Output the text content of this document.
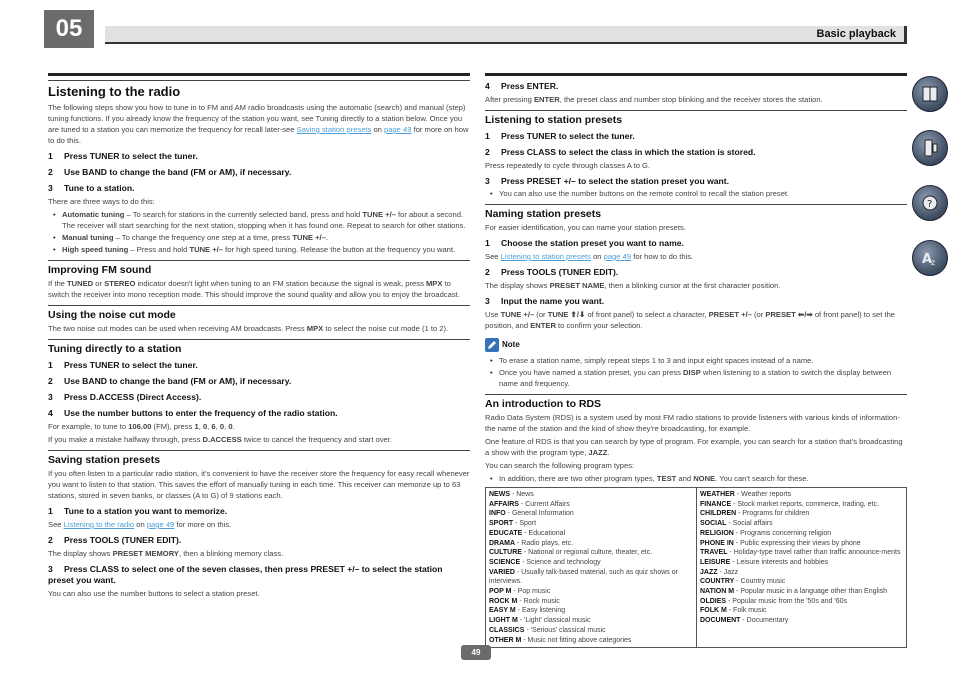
05	Basic playback
Listening to the radio
The following steps show you how to tune in to FM and AM radio broadcasts using the automatic (search) and manual (step) tuning functions. If you already know the frequency of the station you want, see Tuning directly to a station below. Once you are tuned to a station you can memorize the frequency for recall later-see Saving station presets on page 49 for more on how to do this.
1 Press TUNER to select the tuner.
2 Use BAND to change the band (FM or AM), if necessary.
3 Tune to a station.
There are three ways to do this:
• Automatic tuning – To search for stations in the currently selected band, press and hold TUNE +/– for about a second. The receiver will start searching for the next station, stopping when it has found one. Repeat to search for other stations.
• Manual tuning – To change the frequency one step at a time, press TUNE +/–.
• High speed tuning – Press and hold TUNE +/– for high speed tuning. Release the button at the frequency you want.
Improving FM sound
If the TUNED or STEREO indicator doesn't light when tuning to an FM station because the signal is weak, press MPX to switch the receiver into mono reception mode. This should improve the sound quality and allow you to enjoy the broadcast.
Using the noise cut mode
The two noise cut modes can be used when receiving AM broadcasts. Press MPX to select the noise cut mode (1 to 2).
Tuning directly to a station
1 Press TUNER to select the tuner.
2 Use BAND to change the band (FM or AM), if necessary.
3 Press D.ACCESS (Direct Access).
4 Use the number buttons to enter the frequency of the radio station.
For example, to tune to 106.00 (FM), press 1, 0, 6, 0, 0.
If you make a mistake halfway through, press D.ACCESS twice to cancel the frequency and start over.
Saving station presets
If you often listen to a particular radio station, it's convenient to have the receiver store the frequency for easy recall whenever you want to listen to that station. This saves the effort of manually tuning in each time. This receiver can memorize up to 63 stations, stored in seven banks, or classes (A to G) of 9 stations each.
1 Tune to a station you want to memorize.
See Listening to the radio on page 49 for more on this.
2 Press TOOLS (TUNER EDIT).
The display shows PRESET MEMORY, then a blinking memory class.
3 Press CLASS to select one of the seven classes, then press PRESET +/– to select the station preset you want.
You can also use the number buttons to select a station preset.
4 Press ENTER.
After pressing ENTER, the preset class and number stop blinking and the receiver stores the station.
Listening to station presets
1 Press TUNER to select the tuner.
2 Press CLASS to select the class in which the station is stored.
Press repeatedly to cycle through classes A to G.
3 Press PRESET +/– to select the station preset you want.
• You can also use the number buttons on the remote control to recall the station preset.
Naming station presets
For easier identification, you can name your station presets.
1 Choose the station preset you want to name.
See Listening to station presets on page 49 for how to do this.
2 Press TOOLS (TUNER EDIT).
The display shows PRESET NAME, then a blinking cursor at the first character position.
3 Input the name you want.
Use TUNE +/– (or TUNE ⬆/⬇ of front panel) to select a character, PRESET +/– (or PRESET ⬅/➡ of front panel) to set the position, and ENTER to confirm your selection.
Note
• To erase a station name, simply repeat steps 1 to 3 and input eight spaces instead of a name.
• Once you have named a station preset, you can press DISP when listening to a station to switch the display between name and frequency.
An introduction to RDS
Radio Data System (RDS) is a system used by most FM radio stations to provide listeners with various kinds of information-the name of the station and the kind of show they're broadcasting, for example.
One feature of RDS is that you can search by type of program. For example, you can search for a station that's broadcasting a show with the program type, JAZZ.
You can search the following program types:
• In addition, there are two other program types, TEST and NONE. You can't search for these.
NEWS - News
AFFAIRS - Current Affairs
INFO - General Information
SPORT - Sport
EDUCATE - Educational
DRAMA - Radio plays, etc.
CULTURE - National or regional culture, theater, etc.
SCIENCE - Science and technology
VARIED - Usually talk-based material, such as quiz shows or interviews.
POP M - Pop music
ROCK M - Rock music
EASY M - Easy listening
LIGHT M - 'Light' classical music
CLASSICS - 'Serious' classical music
OTHER M - Music not fitting above categories
WEATHER - Weather reports
FINANCE - Stock market reports, commerce, trading, etc.
CHILDREN - Programs for children
SOCIAL - Social affairs
RELIGION - Programs concerning religion
PHONE IN - Public expressing their views by phone
TRAVEL - Holiday-type travel rather than traffic announce-ments
LEISURE - Leisure interests and hobbies
JAZZ - Jazz
COUNTRY - Country music
NATION M - Popular music in a language other than English
OLDIES - Popular music from the '50s and '60s
FOLK M - Folk music
DOCUMENT - Documentary
?
A
z
49
